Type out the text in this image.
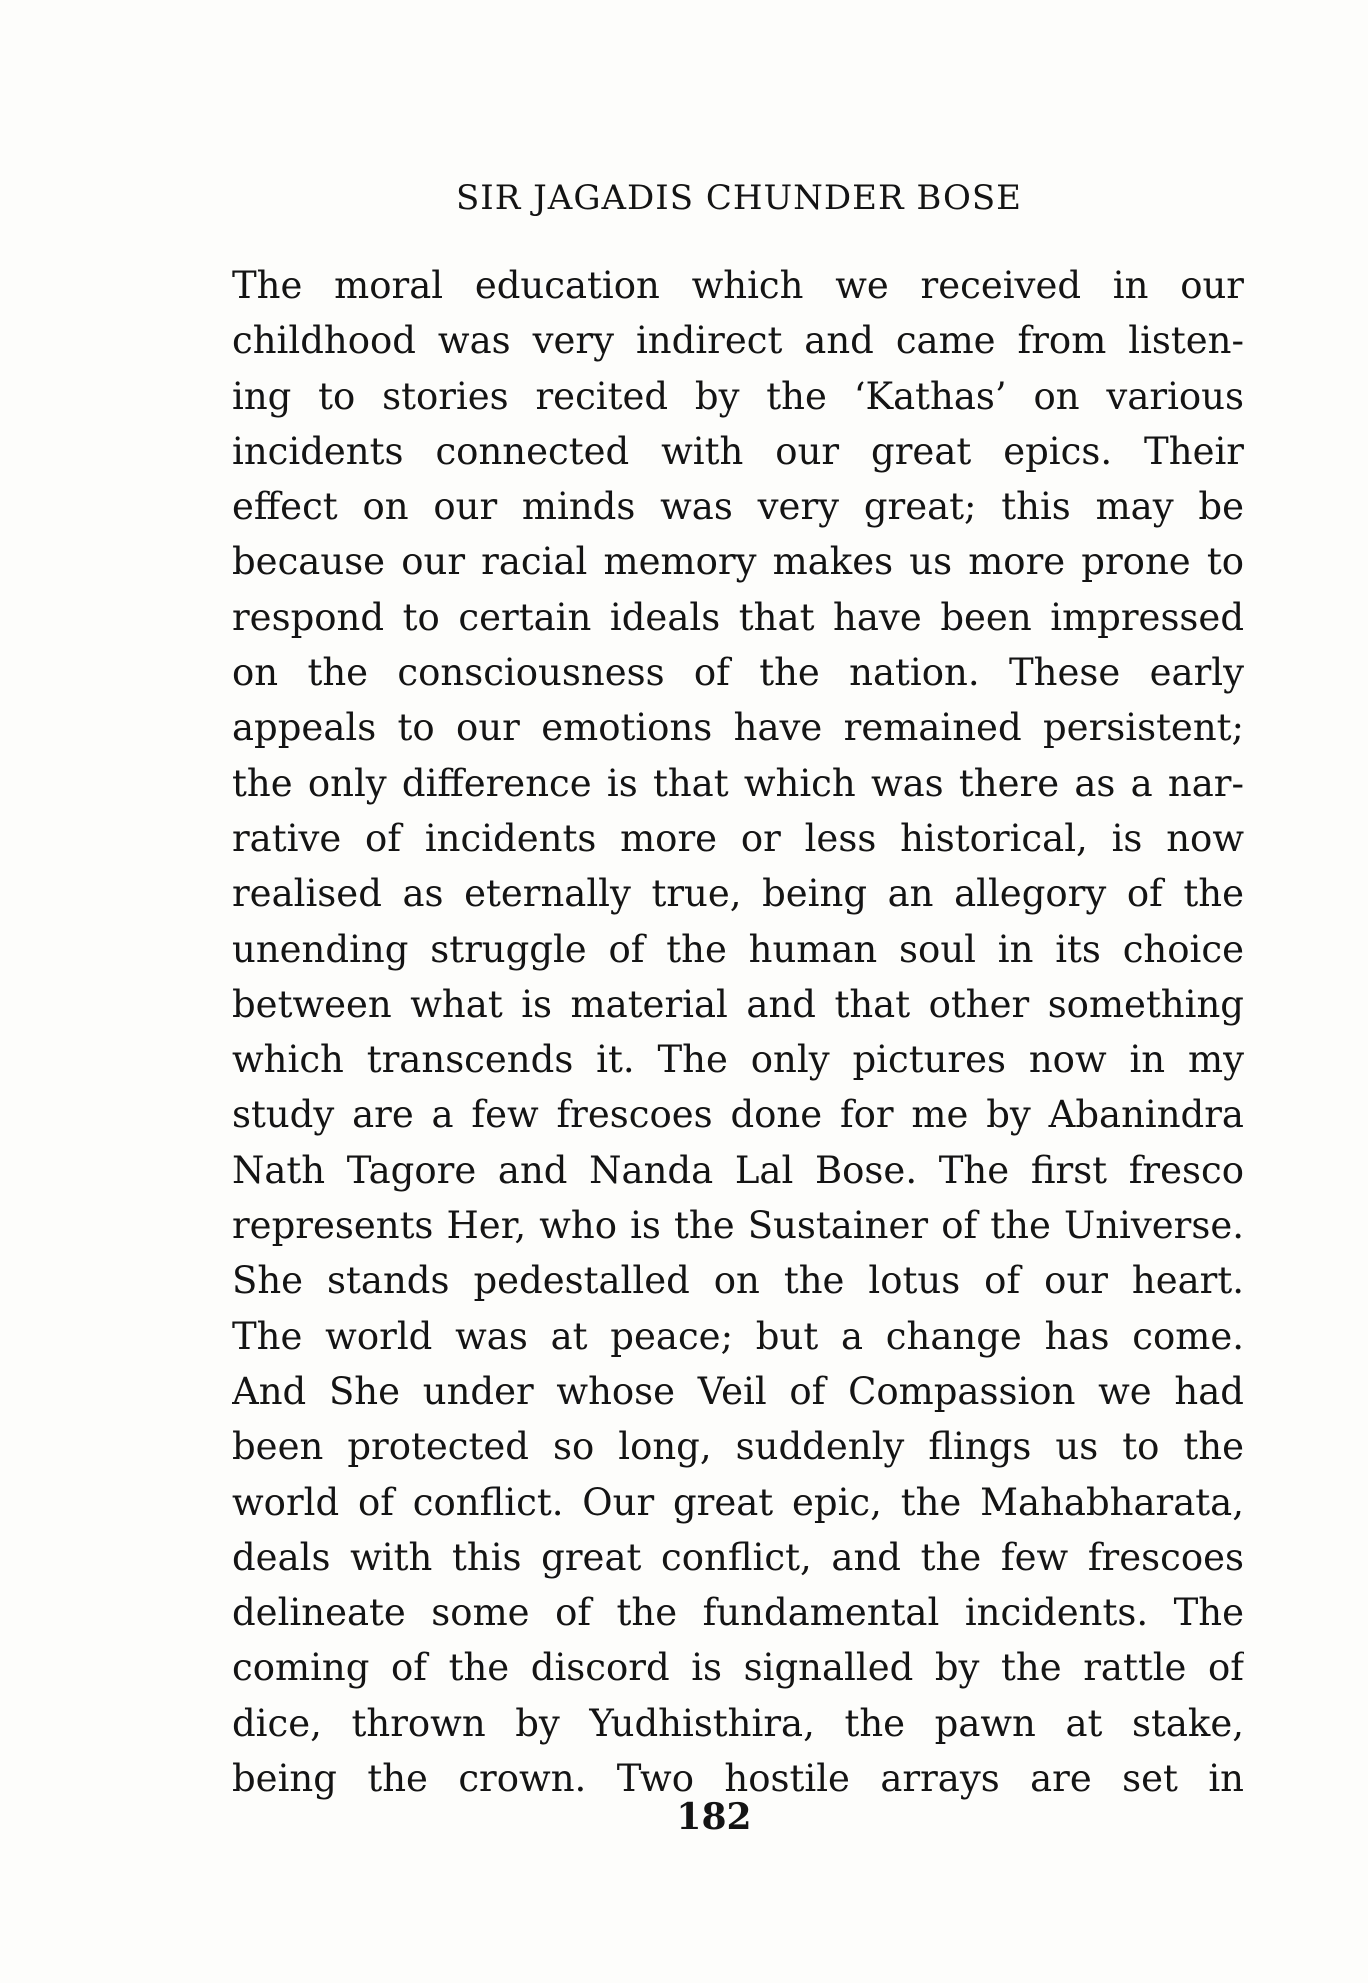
SIR JAGADIS CHUNDER BOSE
The moral education which we received in our
childhood was very indirect and came from listen-
ing to stories recited by the ‘Kathas’ on various
incidents connected with our great epics. Their
effect on our minds was very great; this may be
because our racial memory makes us more prone to
respond to certain ideals that have been impressed
on the consciousness of the nation. These early
appeals to our emotions have remained persistent;
the only difference is that which was there as a nar-
rative of incidents more or less historical, is now
realised as eternally true, being an allegory of the
unending struggle of the human soul in its choice
between what is material and that other something
which transcends it. The only pictures now in my
study are a few frescoes done for me by Abanindra
Nath Tagore and Nanda Lal Bose. The first fresco
represents Her, who is the Sustainer of the Universe.
She stands pedestalled on the lotus of our heart.
The world was at peace; but a change has come.
And She under whose Veil of Compassion we had
been protected so long, suddenly flings us to the
world of conflict. Our great epic, the Mahabharata,
deals with this great conflict, and the few frescoes
delineate some of the fundamental incidents. The
coming of the discord is signalled by the rattle of
dice, thrown by Yudhisthira, the pawn at stake,
being the crown. Two hostile arrays are set in
182
